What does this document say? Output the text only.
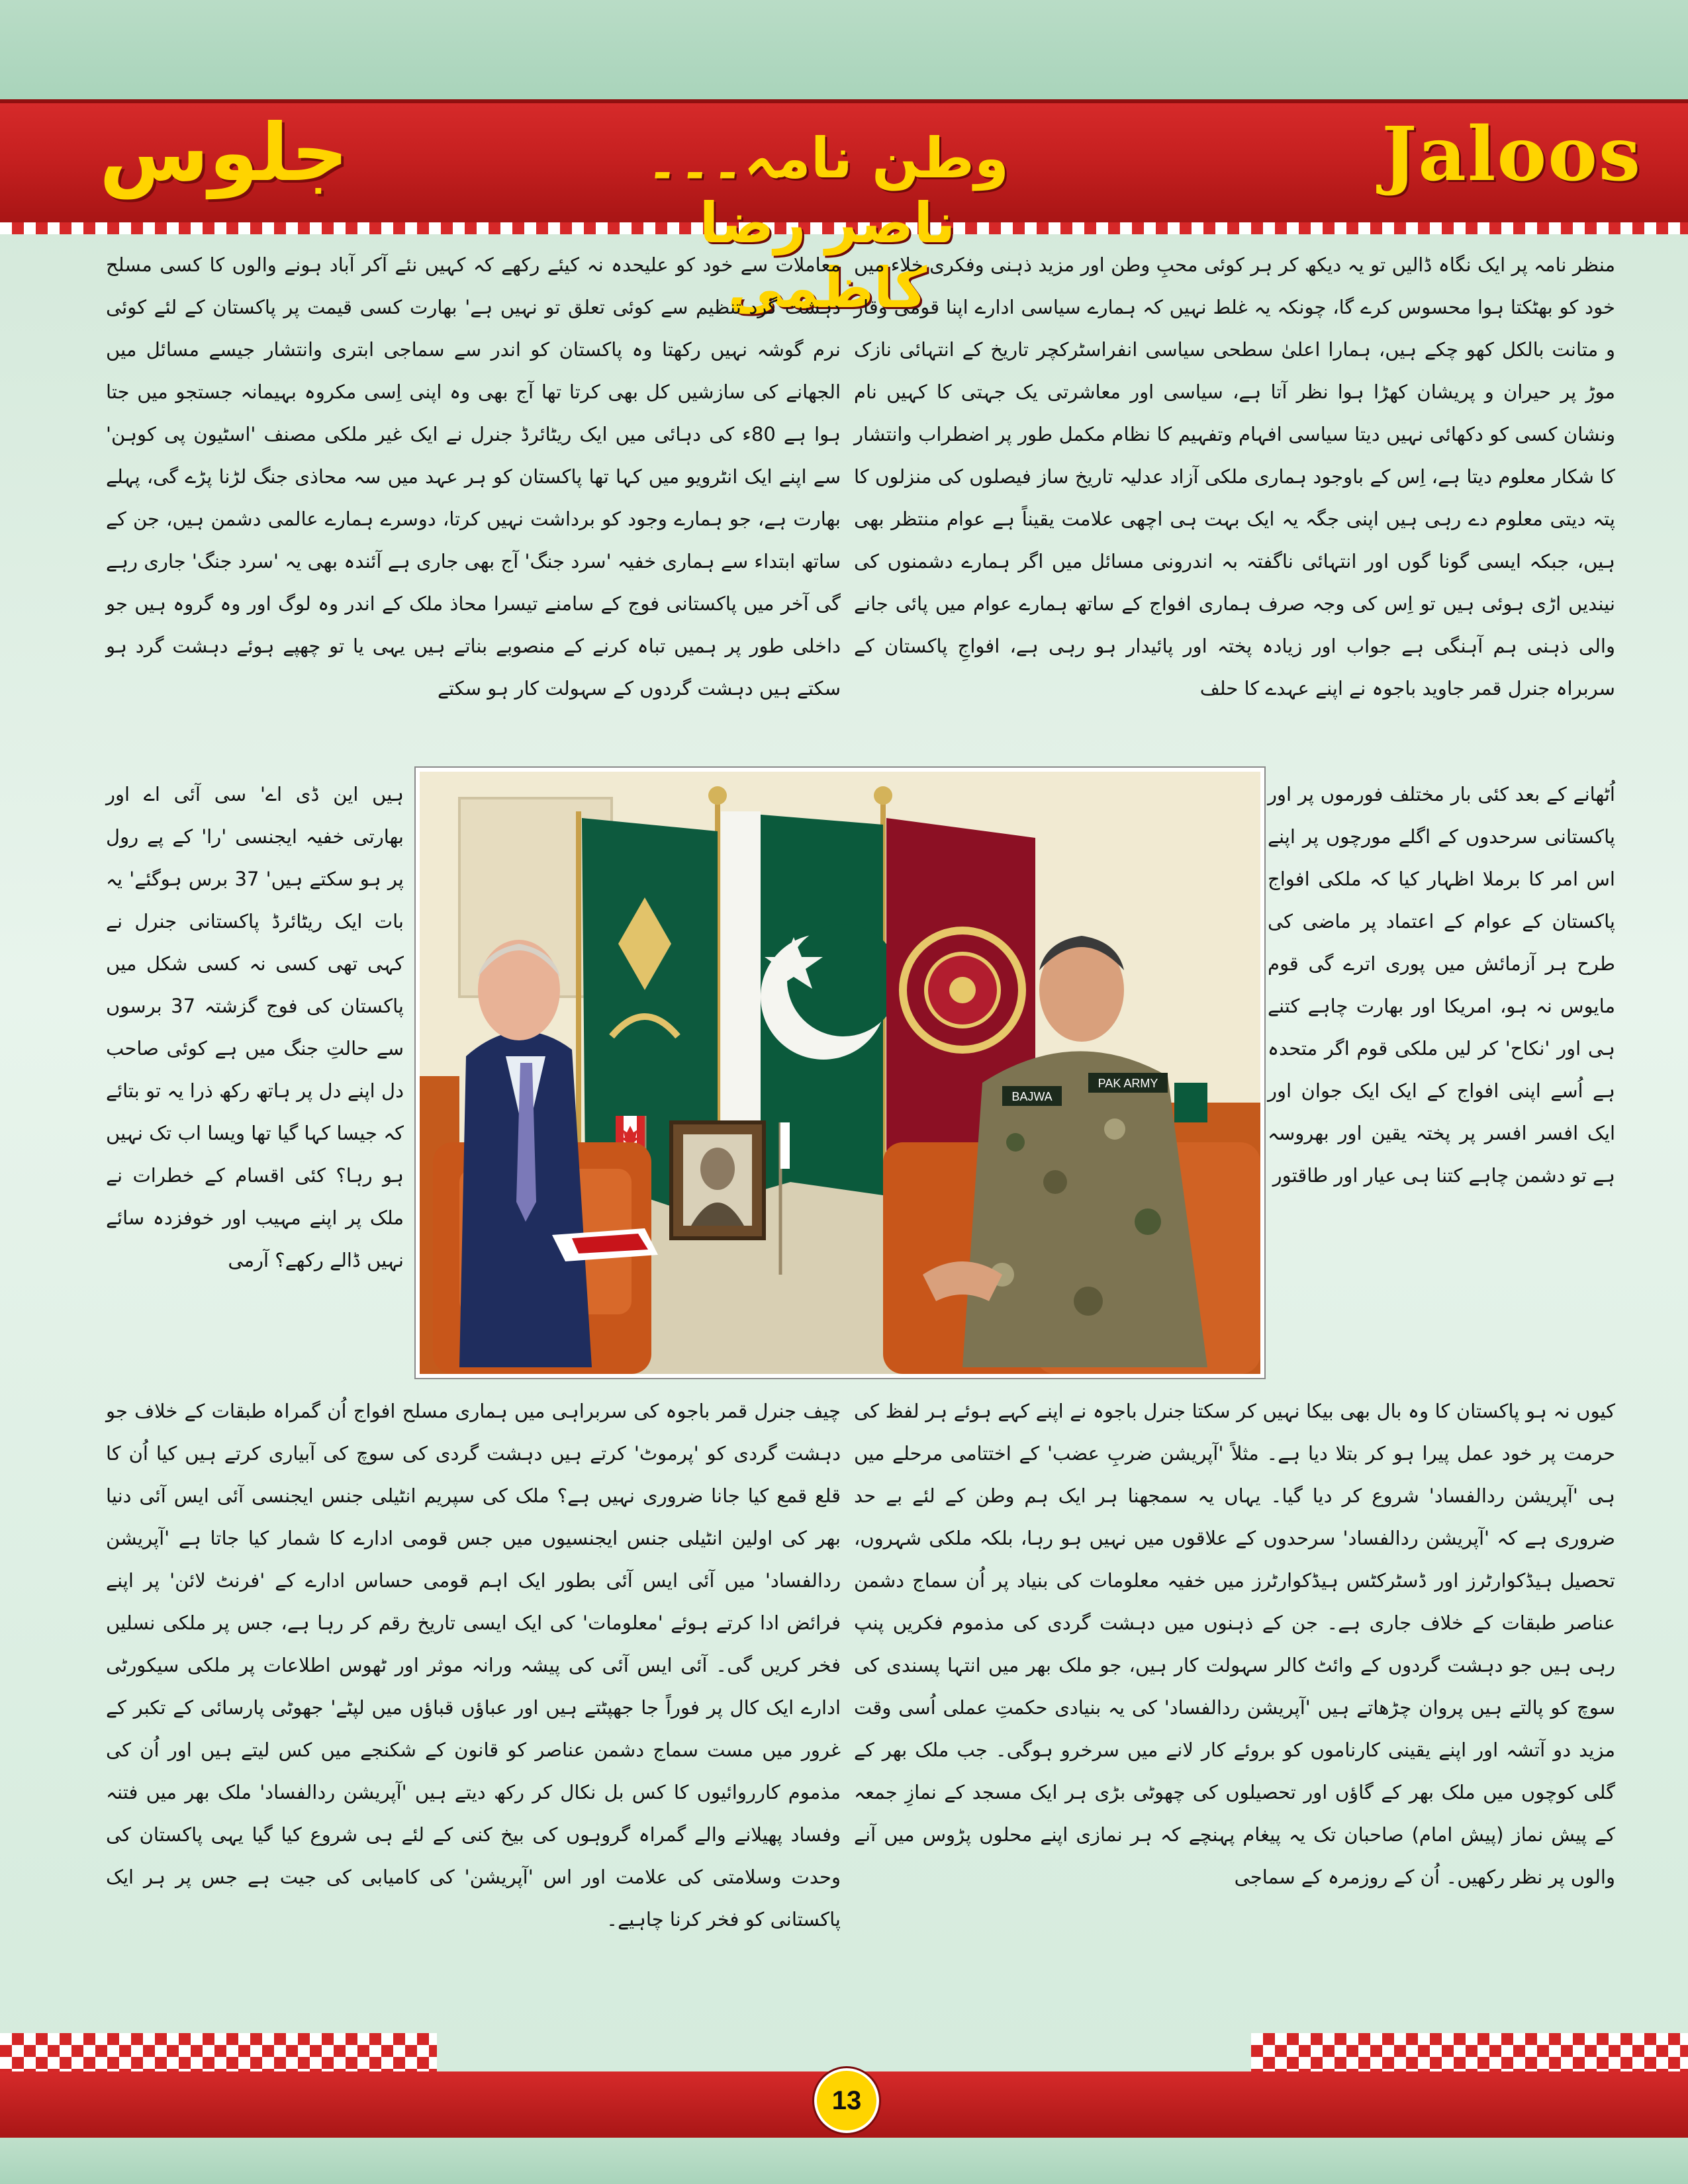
جلوس	وطن نامہ۔۔۔ ناصر رضا کاظمی
Jaloos
منظر نامہ پر ایک نگاہ ڈالیں تو یہ دیکھ کر ہر کوئی محبِ وطن اور مزید ذہنی وفکری خلاء میں خود کو بھٹکتا ہوا محسوس کرے گا، چونکہ یہ غلط نہیں کہ ہمارے سیاسی ادارے اپنا قومی وقار و متانت بالکل کھو چکے ہیں، ہمارا اعلیٰ سطحی سیاسی انفراسٹرکچر تاریخ کے انتہائی نازک موڑ پر حیران و پریشان کھڑا ہوا نظر آتا ہے، سیاسی اور معاشرتی یک جہتی کا کہیں نام ونشان کسی کو دکھائی نہیں دیتا سیاسی افہام وتفہیم کا نظام مکمل طور پر اضطراب وانتشار کا شکار معلوم دیتا ہے، اِس کے باوجود ہماری ملکی آزاد عدلیہ تاریخ ساز فیصلوں کی منزلوں کا پتہ دیتی معلوم دے رہی ہیں اپنی جگہ یہ ایک بہت ہی اچھی علامت یقیناً ہے عوام منتظر بھی ہیں، جبکہ ایسی گونا گوں اور انتہائی ناگفتہ بہ اندرونی مسائل میں اگر ہمارے دشمنوں کی نیندیں اڑی ہوئی ہیں تو اِس کی وجہ صرف ہماری افواج کے ساتھ ہمارے عوام میں پائی جانے والی ذہنی ہم آہنگی ہے جواب اور زیادہ پختہ اور پائیدار ہو رہی ہے، افواجِ پاکستان کے سربراہ جنرل قمر جاوید باجوہ نے اپنے عہدے کا حلف
معاملات سے خود کو علیحدہ نہ کیئے رکھے کہ کہیں نئے آکر آباد ہونے والوں کا کسی مسلح دہشت گرد تنظیم سے کوئی تعلق تو نہیں ہے' بھارت کسی قیمت پر پاکستان کے لئے کوئی نرم گوشہ نہیں رکھتا وہ پاکستان کو اندر سے سماجی ابتری وانتشار جیسے مسائل میں الجھانے کی سازشیں کل بھی کرتا تھا آج بھی وہ اپنی اِسی مکروہ بہیمانہ جستجو میں جتا ہوا ہے 80ء کی دہائی میں ایک ریٹائرڈ جنرل نے ایک غیر ملکی مصنف 'اسٹیون پی کوہن' سے اپنے ایک انٹرویو میں کہا تھا پاکستان کو ہر عہد میں سہ محاذی جنگ لڑنا پڑے گی، پہلے بھارت ہے، جو ہمارے وجود کو برداشت نہیں کرتا، دوسرے ہمارے عالمی دشمن ہیں، جن کے ساتھ ابتداء سے ہماری خفیہ 'سرد جنگ' آج بھی جاری ہے آئندہ بھی یہ 'سرد جنگ' جاری رہے گی آخر میں پاکستانی فوج کے سامنے تیسرا محاذ ملک کے اندر وہ لوگ اور وہ گروہ ہیں جو داخلی طور پر ہمیں تباہ کرنے کے منصوبے بناتے ہیں یہی یا تو چھپے ہوئے دہشت گرد ہو سکتے ہیں دہشت گردوں کے سہولت کار ہو سکتے
اُٹھانے کے بعد کئی بار مختلف فورموں پر اور پاکستانی سرحدوں کے اگلے مورچوں پر اپنے اس امر کا برملا اظہار کیا کہ ملکی افواج پاکستان کے عوام کے اعتماد پر ماضی کی طرح ہر آزمائش میں پوری اترے گی قوم مایوس نہ ہو، امریکا اور بھارت چاہے کتنے ہی اور 'نکاح' کر لیں ملکی قوم اگر متحدہ ہے اُسے اپنی افواج کے ایک ایک جوان اور ایک افسر افسر پر پختہ یقین اور بھروسہ ہے تو دشمن چاہے کتنا ہی عیار اور طاقتور
ہیں این ڈی اے' سی آئی اے اور بھارتی خفیہ ایجنسی 'را' کے پے رول پر ہو سکتے ہیں' 37 برس ہوگئے' یہ بات ایک ریٹائرڈ پاکستانی جنرل نے کہی تھی کسی نہ کسی شکل میں پاکستان کی فوج گزشتہ 37 برسوں سے حالتِ جنگ میں ہے کوئی صاحب دل اپنے دل پر ہاتھ رکھ ذرا یہ تو بتائے کہ جیسا کہا گیا تھا ویسا اب تک نہیں ہو رہا؟ کئی اقسام کے خطرات نے ملک پر اپنے مہیب اور خوفزدہ سائے نہیں ڈالے رکھے؟ آرمی
کیوں نہ ہو پاکستان کا وہ بال بھی بیکا نہیں کر سکتا جنرل باجوہ نے اپنے کہے ہوئے ہر لفظ کی حرمت پر خود عمل پیرا ہو کر بتلا دیا ہے۔ مثلاً 'آپریشن ضربِ عضب' کے اختتامی مرحلے میں ہی 'آپریشن ردالفساد' شروع کر دیا گیا۔ یہاں یہ سمجھنا ہر ایک ہم وطن کے لئے بے حد ضروری ہے کہ 'آپریشن ردالفساد' سرحدوں کے علاقوں میں نہیں ہو رہا، بلکہ ملکی شہروں، تحصیل ہیڈکوارٹرز اور ڈسٹرکٹس ہیڈکوارٹرز میں خفیہ معلومات کی بنیاد پر اُن سماج دشمن عناصر طبقات کے خلاف جاری ہے۔ جن کے ذہنوں میں دہشت گردی کی مذموم فکریں پنپ رہی ہیں جو دہشت گردوں کے وائٹ کالر سہولت کار ہیں، جو ملک بھر میں انتہا پسندی کی سوچ کو پالتے ہیں پروان چڑھاتے ہیں 'آپریشن ردالفساد' کی یہ بنیادی حکمتِ عملی اُسی وقت مزید دو آتشہ اور اپنے یقینی کارناموں کو بروئے کار لانے میں سرخرو ہوگی۔ جب ملک بھر کے گلی کوچوں میں ملک بھر کے گاؤں اور تحصیلوں کی چھوٹی بڑی ہر ایک مسجد کے نمازِ جمعہ کے پیش نماز (پیش امام) صاحبان تک یہ پیغام پہنچے کہ ہر نمازی اپنے محلوں پڑوس میں آنے والوں پر نظر رکھیں۔ اُن کے روزمرہ کے سماجی
چیف جنرل قمر باجوہ کی سربراہی میں ہماری مسلح افواج اُن گمراہ طبقات کے خلاف جو دہشت گردی کو 'پرموٹ' کرتے ہیں دہشت گردی کی سوچ کی آبیاری کرتے ہیں کیا اُن کا قلع قمع کیا جانا ضروری نہیں ہے؟ ملک کی سپریم انٹیلی جنس ایجنسی آئی ایس آئی دنیا بھر کی اولین انٹیلی جنس ایجنسیوں میں جس قومی ادارے کا شمار کیا جاتا ہے 'آپریشن ردالفساد' میں آئی ایس آئی بطور ایک اہم قومی حساس ادارے کے 'فرنٹ لائن' پر اپنے فرائض ادا کرتے ہوئے 'معلومات' کی ایک ایسی تاریخ رقم کر رہا ہے، جس پر ملکی نسلیں فخر کریں گی۔ آئی ایس آئی کی پیشہ ورانہ موثر اور ٹھوس اطلاعات پر ملکی سیکورٹی ادارے ایک کال پر فوراً جا جھپٹتے ہیں اور عباؤں قباؤں میں لپٹے' جھوٹی پارسائی کے تکبر کے غرور میں مست سماج دشمن عناصر کو قانون کے شکنجے میں کس لیتے ہیں اور اُن کی مذموم کارروائیوں کا کس بل نکال کر رکھ دیتے ہیں 'آپریشن ردالفساد' ملک بھر میں فتنہ وفساد پھیلانے والے گمراہ گروہوں کی بیخ کنی کے لئے ہی شروع کیا گیا یہی پاکستان کی وحدت وسلامتی کی علامت اور اس 'آپریشن' کی کامیابی کی جیت ہے جس پر ہر ایک پاکستانی کو فخر کرنا چاہیے۔
BAJWA
PAK ARMY
13
